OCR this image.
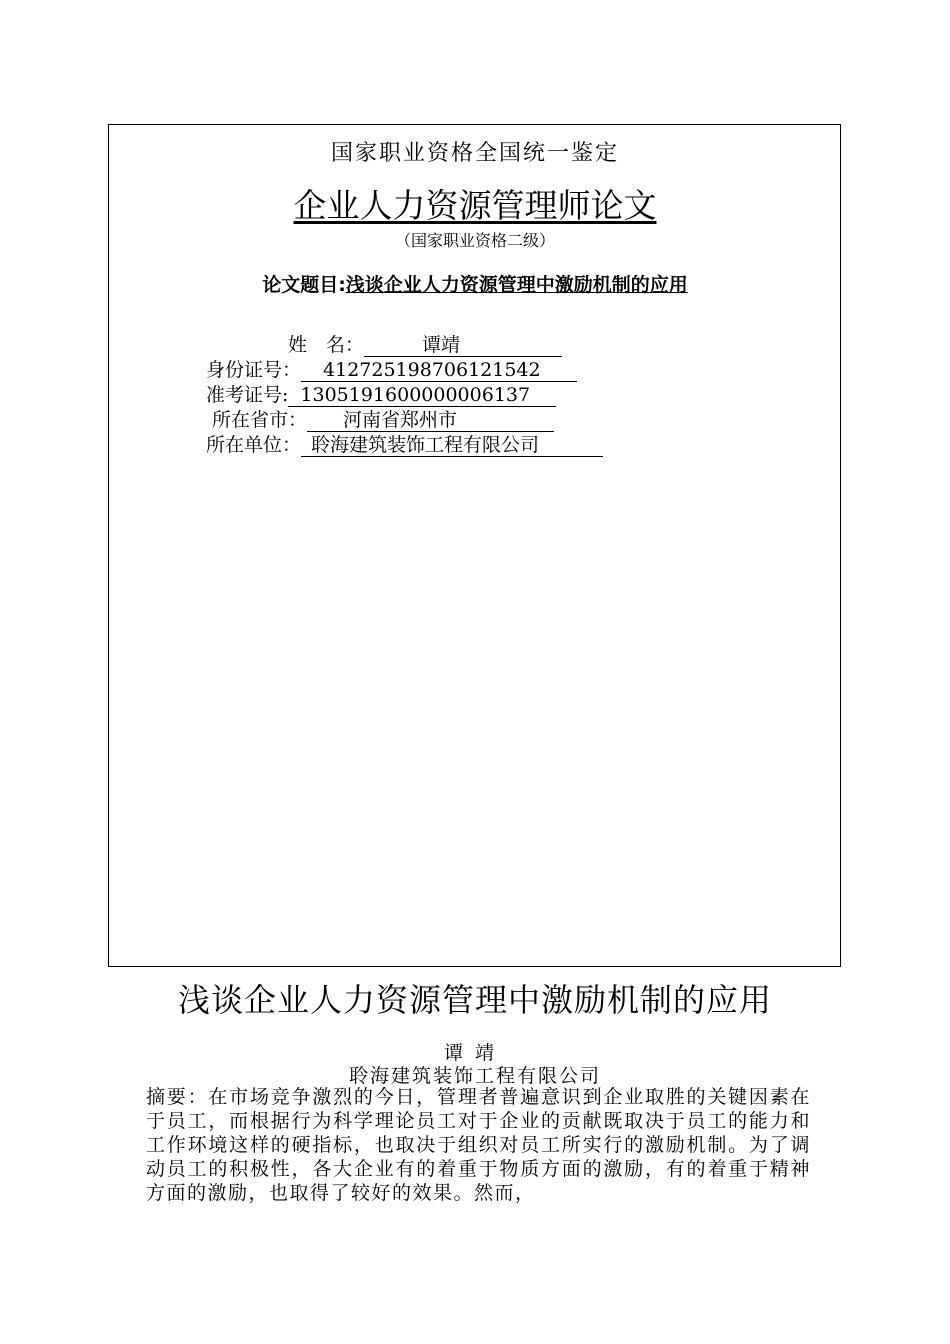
国家职业资格全国统一鉴定
企业人力资源管理师论文
（国家职业资格二级）
论文题目:浅谈企业人力资源管理中激励机制的应用
姓　名：	谭靖
身份证号： 412725198706121542
准考证号: 1305191600000006137
所在省市： 河南省郑州市
所在单位： 聆海建筑装饰工程有限公司
浅谈企业人力资源管理中激励机制的应用
谭靖
聆海建筑装饰工程有限公司
摘要：在市场竞争激烈的今日，管理者普遍意识到企业取胜的关键因素在于员工，而根据行为科学理论员工对于企业的贡献既取决于员工的能力和工作环境这样的硬指标，也取决于组织对员工所实行的激励机制。为了调动员工的积极性，各大企业有的着重于物质方面的激励，有的着重于精神方面的激励，也取得了较好的效果。然而，
